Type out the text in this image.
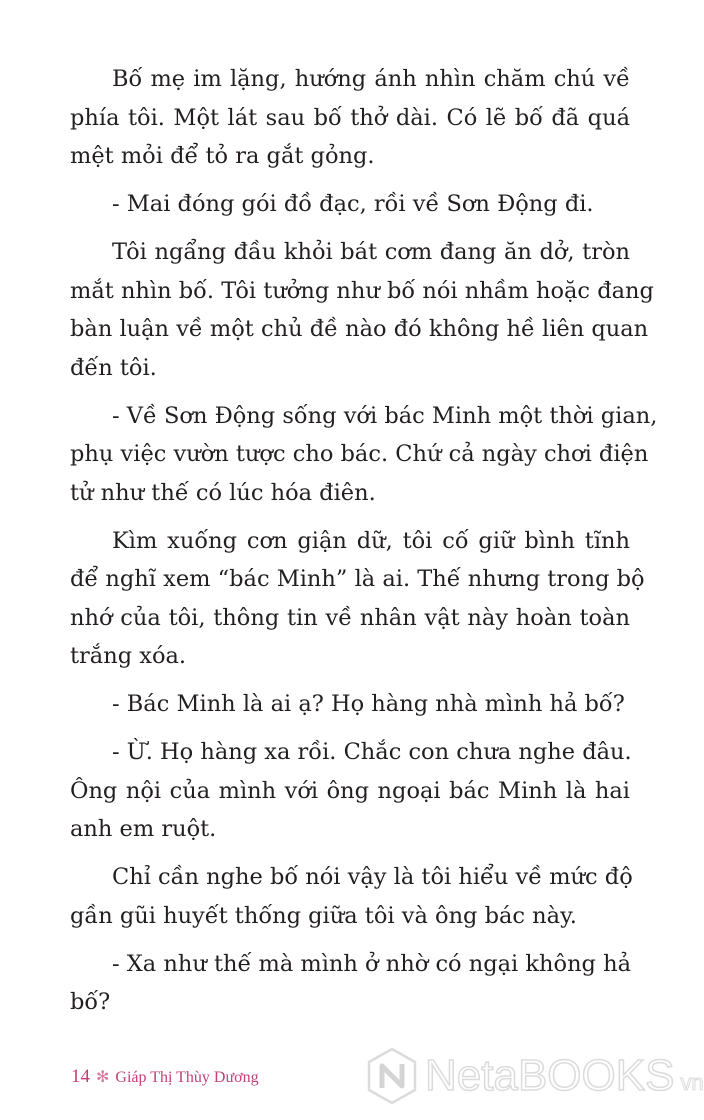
Bố mẹ im lặng, hướng ánh nhìn chăm chú về
phía tôi. Một lát sau bố thở dài. Có lẽ bố đã quá
mệt mỏi để tỏ ra gắt gỏng.
- Mai đóng gói đồ đạc, rồi về Sơn Động đi.
Tôi ngẩng đầu khỏi bát cơm đang ăn dở, tròn
mắt nhìn bố. Tôi tưởng như bố nói nhầm hoặc đang
bàn luận về một chủ đề nào đó không hề liên quan
đến tôi.
- Về Sơn Động sống với bác Minh một thời gian,
phụ việc vườn tược cho bác. Chứ cả ngày chơi điện
tử như thế có lúc hóa điên.
Kìm xuống cơn giận dữ, tôi cố giữ bình tĩnh
để nghĩ xem “bác Minh” là ai. Thế nhưng trong bộ
nhớ của tôi, thông tin về nhân vật này hoàn toàn
trắng xóa.
- Bác Minh là ai ạ? Họ hàng nhà mình hả bố?
- Ừ. Họ hàng xa rồi. Chắc con chưa nghe đâu.
Ông nội của mình với ông ngoại bác Minh là hai
anh em ruột.
Chỉ cần nghe bố nói vậy là tôi hiểu về mức độ
gần gũi huyết thống giữa tôi và ông bác này.
- Xa như thế mà mình ở nhờ có ngại không hả
bố?
14 ✻ Giáp Thị Thùy Dương	NetaBOOKS vn
